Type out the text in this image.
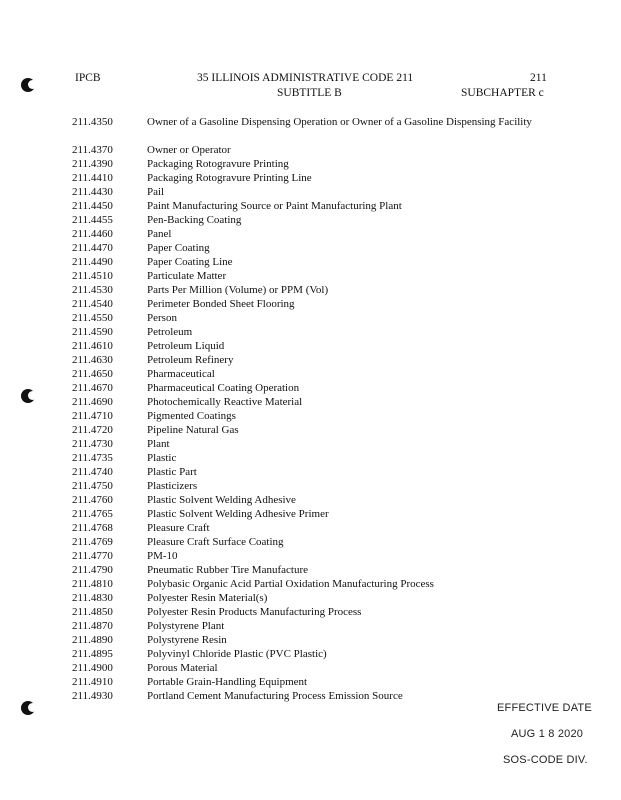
IPCB	35 ILLINOIS ADMINISTRATIVE CODE 211	211
SUBTITLE B	SUBCHAPTER c
211.4350	Owner of a Gasoline Dispensing Operation or Owner of a Gasoline Dispensing Facility
211.4370	Owner or Operator
211.4390	Packaging Rotogravure Printing
211.4410	Packaging Rotogravure Printing Line
211.4430	Pail
211.4450	Paint Manufacturing Source or Paint Manufacturing Plant
211.4455	Pen-Backing Coating
211.4460	Panel
211.4470	Paper Coating
211.4490	Paper Coating Line
211.4510	Particulate Matter
211.4530	Parts Per Million (Volume) or PPM (Vol)
211.4540	Perimeter Bonded Sheet Flooring
211.4550	Person
211.4590	Petroleum
211.4610	Petroleum Liquid
211.4630	Petroleum Refinery
211.4650	Pharmaceutical
211.4670	Pharmaceutical Coating Operation
211.4690	Photochemically Reactive Material
211.4710	Pigmented Coatings
211.4720	Pipeline Natural Gas
211.4730	Plant
211.4735	Plastic
211.4740	Plastic Part
211.4750	Plasticizers
211.4760	Plastic Solvent Welding Adhesive
211.4765	Plastic Solvent Welding Adhesive Primer
211.4768	Pleasure Craft
211.4769	Pleasure Craft Surface Coating
211.4770	PM-10
211.4790	Pneumatic Rubber Tire Manufacture
211.4810	Polybasic Organic Acid Partial Oxidation Manufacturing Process
211.4830	Polyester Resin Material(s)
211.4850	Polyester Resin Products Manufacturing Process
211.4870	Polystyrene Plant
211.4890	Polystyrene Resin
211.4895	Polyvinyl Chloride Plastic (PVC Plastic)
211.4900	Porous Material
211.4910	Portable Grain-Handling Equipment
211.4930	Portland Cement Manufacturing Process Emission Source
EFFECTIVE DATE
AUG 1 8 2020
SOS-CODE DIV.
